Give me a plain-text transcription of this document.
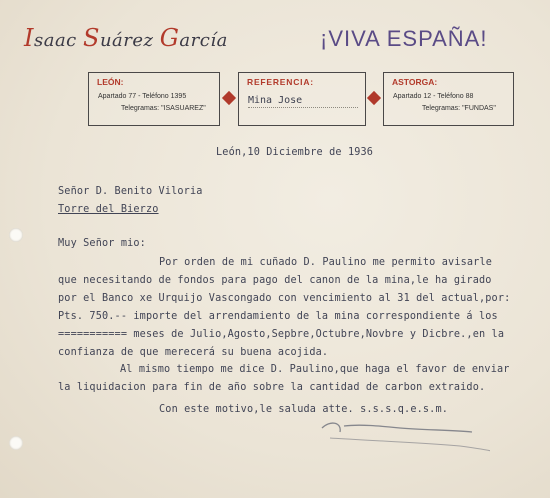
Isaac Suárez García	¡VIVA ESPAÑA!
LEÓN:
Apartado 77 - Teléfono 1395
Telegramas: "ISASUAREZ"
REFERENCIA:
Mina Jose
ASTORGA:
Apartado 12 - Teléfono 88
Telegramas: "FUNDAS"
León,10 Diciembre de 1936
Señor D. Benito Viloria
Torre del Bierzo
Muy Señor mio:
Por orden de mi cuñado D. Paulino me permito avisarle
que necesitando de fondos para pago del canon de la mina,le ha girado
por el Banco xe Urquijo Vascongado con vencimiento al 31 del actual,por:
Pts. 750.-- importe del arrendamiento de la mina correspondiente á los
=========== meses de Julio,Agosto,Sepbre,Octubre,Novbre y Dicbre.,en la
confianza de que merecerá su buena acojida.
Al mismo tiempo me dice D. Paulino,que haga el favor de enviar
la liquidacion para fin de año sobre la cantidad de carbon extraido.
Con este motivo,le saluda atte. s.s.s.q.e.s.m.
